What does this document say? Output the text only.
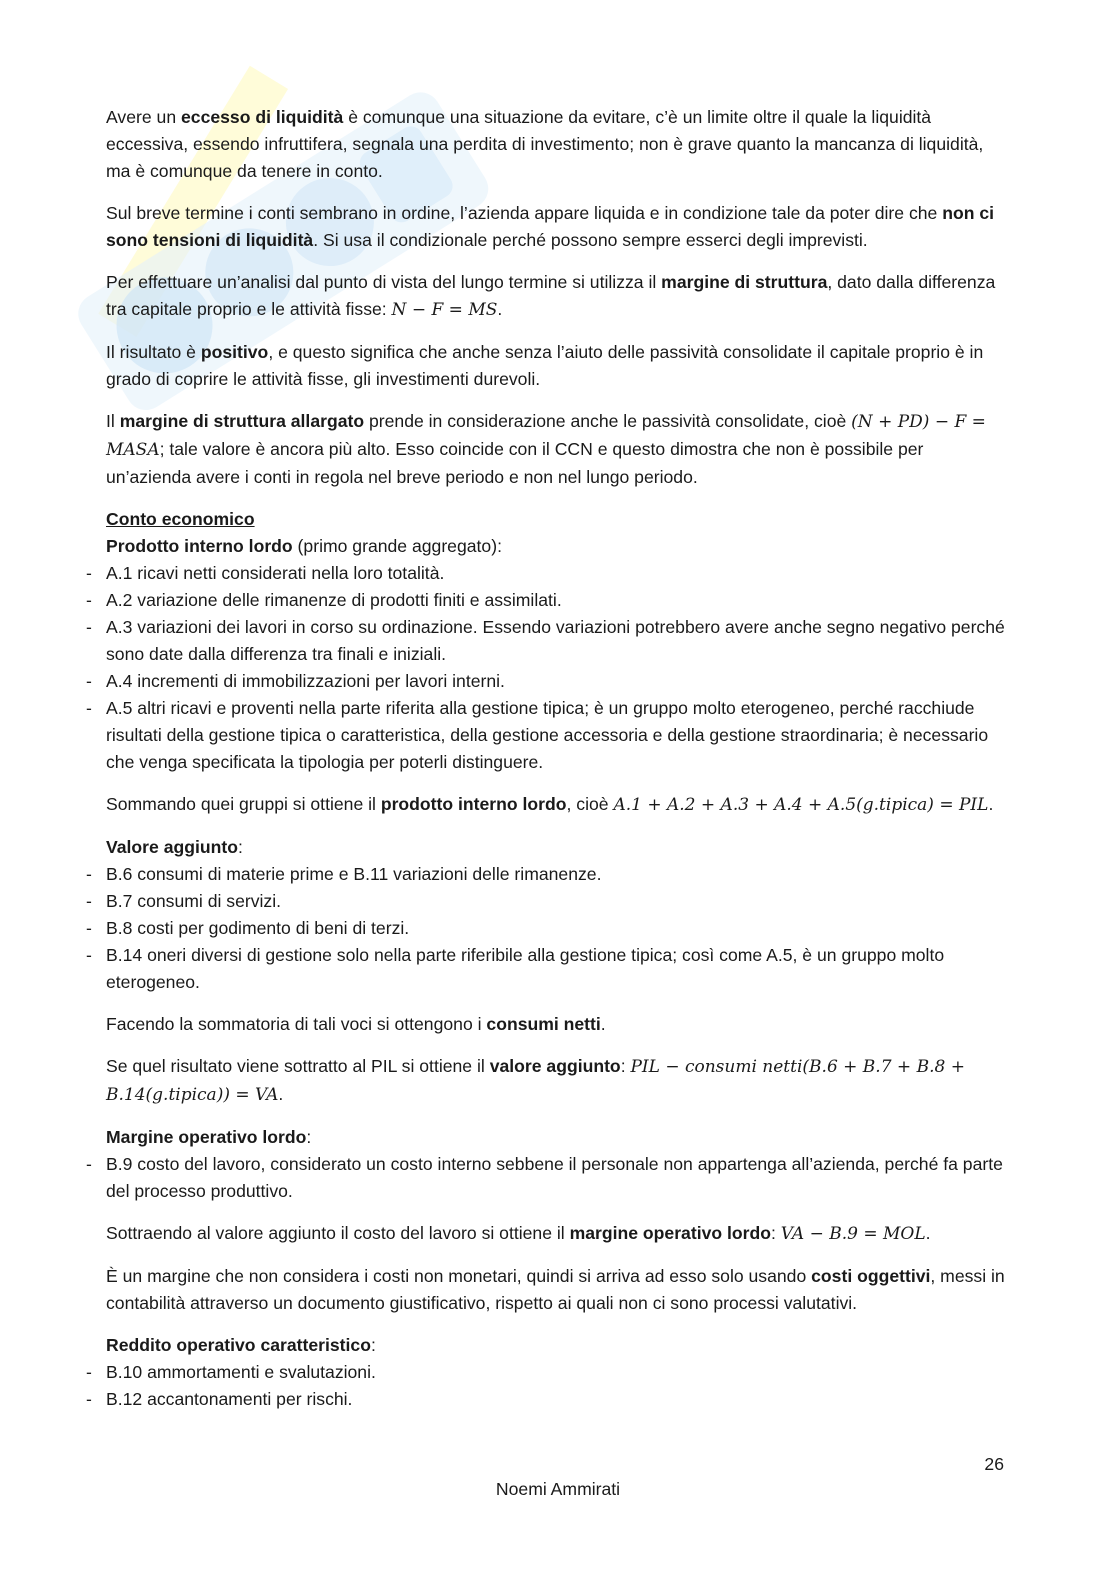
Avere un eccesso di liquidità è comunque una situazione da evitare, c’è un limite oltre il quale la liquidità eccessiva, essendo infruttifera, segnala una perdita di investimento; non è grave quanto la mancanza di liquidità, ma è comunque da tenere in conto.

Sul breve termine i conti sembrano in ordine, l’azienda appare liquida e in condizione tale da poter dire che non ci sono tensioni di liquidità. Si usa il condizionale perché possono sempre esserci degli imprevisti.

Per effettuare un’analisi dal punto di vista del lungo termine si utilizza il margine di struttura, dato dalla differenza tra capitale proprio e le attività fisse: N − F = MS.

Il risultato è positivo, e questo significa che anche senza l’aiuto delle passività consolidate il capitale proprio è in grado di coprire le attività fisse, gli investimenti durevoli.

Il margine di struttura allargato prende in considerazione anche le passività consolidate, cioè (N + PD) − F = MASA; tale valore è ancora più alto. Esso coincide con il CCN e questo dimostra che non è possibile per un’azienda avere i conti in regola nel breve periodo e non nel lungo periodo.

Conto economico
Prodotto interno lordo (primo grande aggregato):
- A.1 ricavi netti considerati nella loro totalità.
- A.2 variazione delle rimanenze di prodotti finiti e assimilati.
- A.3 variazioni dei lavori in corso su ordinazione. Essendo variazioni potrebbero avere anche segno negativo perché sono date dalla differenza tra finali e iniziali.
- A.4 incrementi di immobilizzazioni per lavori interni.
- A.5 altri ricavi e proventi nella parte riferita alla gestione tipica; è un gruppo molto eterogeneo, perché racchiude risultati della gestione tipica o caratteristica, della gestione accessoria e della gestione straordinaria; è necessario che venga specificata la tipologia per poterli distinguere.

Sommando quei gruppi si ottiene il prodotto interno lordo, cioè A.1 + A.2 + A.3 + A.4 + A.5(g.tipica) = PIL.

Valore aggiunto:
- B.6 consumi di materie prime e B.11 variazioni delle rimanenze.
- B.7 consumi di servizi.
- B.8 costi per godimento di beni di terzi.
- B.14 oneri diversi di gestione solo nella parte riferibile alla gestione tipica; così come A.5, è un gruppo molto eterogeneo.

Facendo la sommatoria di tali voci si ottengono i consumi netti.

Se quel risultato viene sottratto al PIL si ottiene il valore aggiunto: PIL − consumi netti(B.6 + B.7 + B.8 + B.14(g.tipica)) = VA.

Margine operativo lordo:
- B.9 costo del lavoro, considerato un costo interno sebbene il personale non appartenga all’azienda, perché fa parte del processo produttivo.

Sottraendo al valore aggiunto il costo del lavoro si ottiene il margine operativo lordo: VA − B.9 = MOL.

È un margine che non considera i costi non monetari, quindi si arriva ad esso solo usando costi oggettivi, messi in contabilità attraverso un documento giustificativo, rispetto ai quali non ci sono processi valutativi.

Reddito operativo caratteristico:
- B.10 ammortamenti e svalutazioni.
- B.12 accantonamenti per rischi.
26
Noemi Ammirati
